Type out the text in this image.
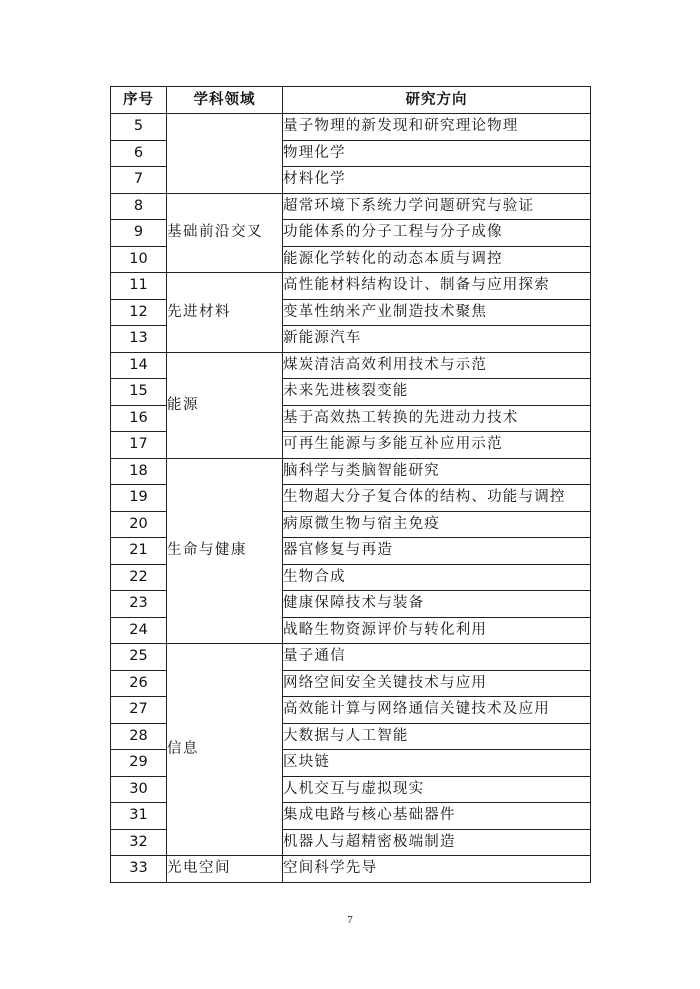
序号	学科领域	研究方向
5		量子物理的新发现和研究理论物理
6		物理化学
7		材料化学
8	基础前沿交叉	超常环境下系统力学问题研究与验证
9		功能体系的分子工程与分子成像
10		能源化学转化的动态本质与调控
11	先进材料	高性能材料结构设计、制备与应用探索
12		变革性纳米产业制造技术聚焦
13		新能源汽车
14	能源	煤炭清洁高效利用技术与示范
15		未来先进核裂变能
16		基于高效热工转换的先进动力技术
17		可再生能源与多能互补应用示范
18	生命与健康	脑科学与类脑智能研究
19		生物超大分子复合体的结构、功能与调控
20		病原微生物与宿主免疫
21		器官修复与再造
22		生物合成
23		健康保障技术与装备
24		战略生物资源评价与转化利用
25	信息	量子通信
26		网络空间安全关键技术与应用
27		高效能计算与网络通信关键技术及应用
28		大数据与人工智能
29		区块链
30		人机交互与虚拟现实
31		集成电路与核心基础器件
32		机器人与超精密极端制造
33	光电空间	空间科学先导
7
